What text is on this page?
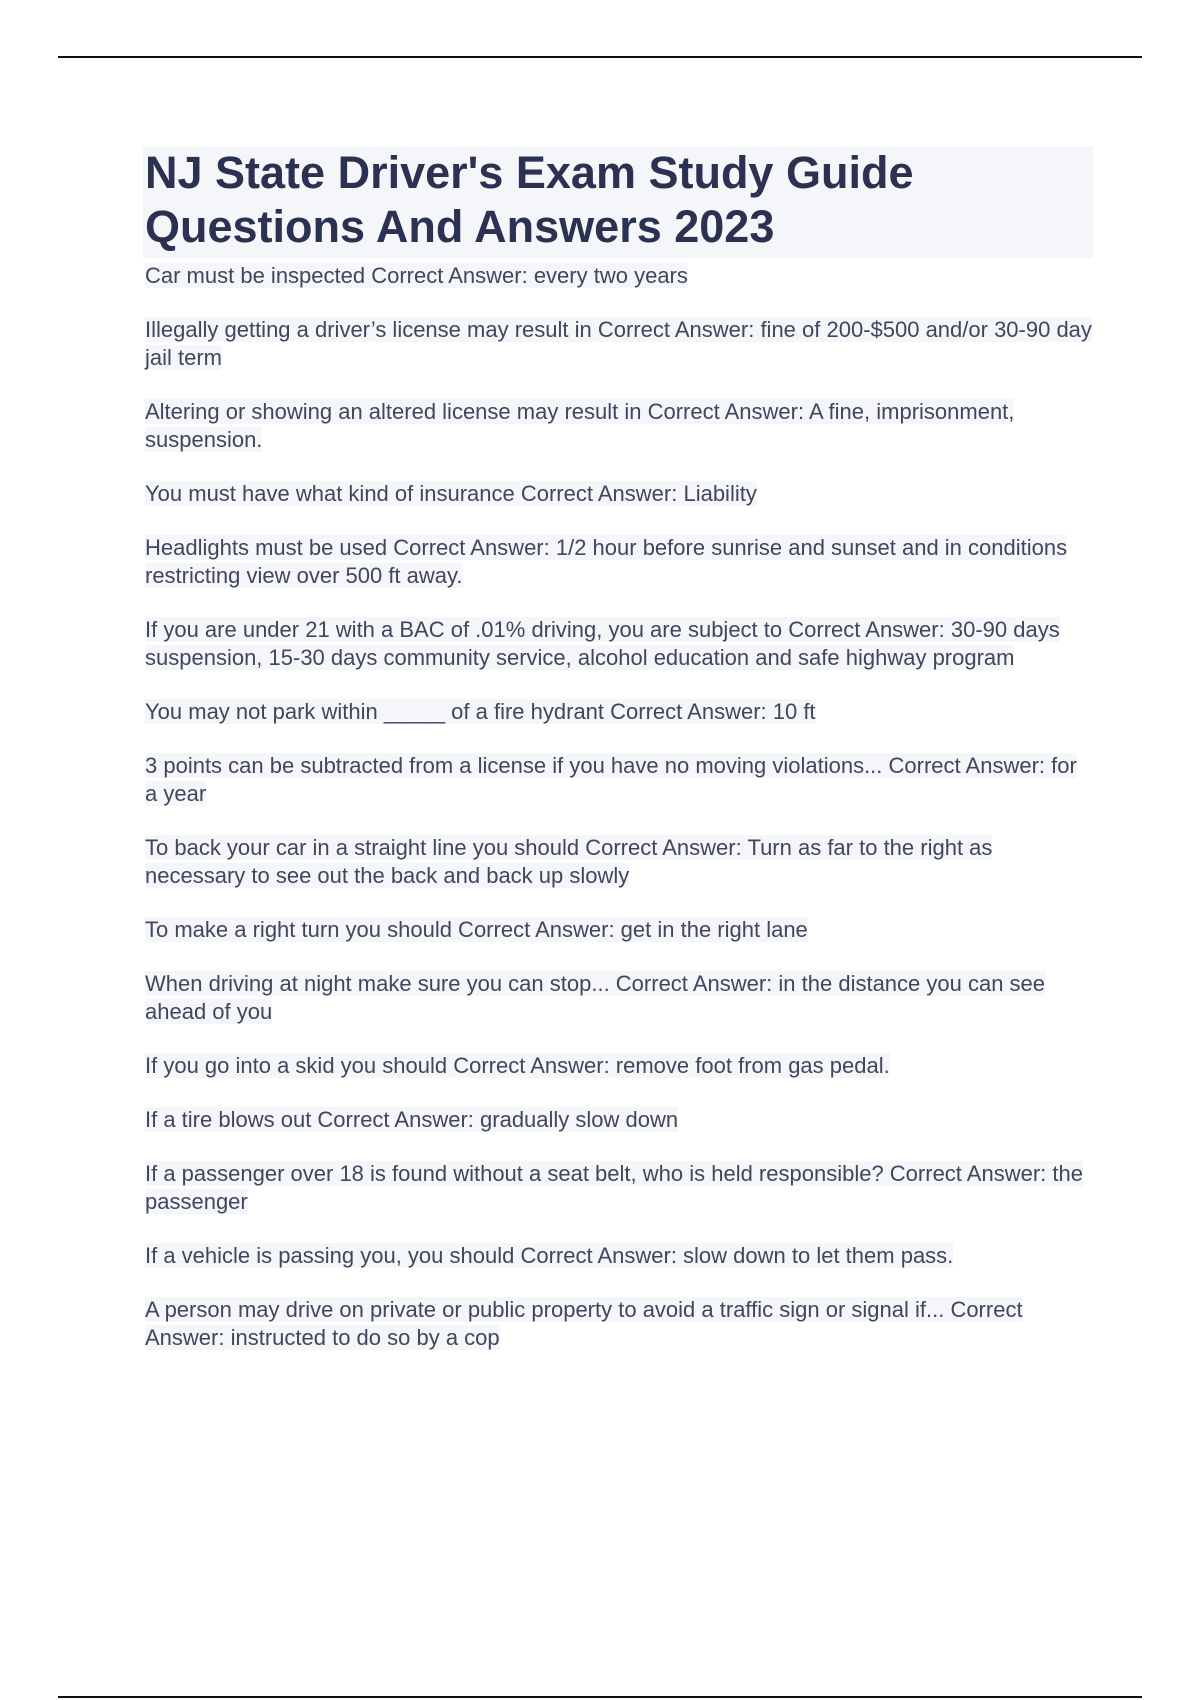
NJ State Driver's Exam Study Guide
Questions And Answers 2023

Car must be inspected Correct Answer: every two years

Illegally getting a driver’s license may result in Correct Answer: fine of 200-$500 and/or 30-90 day jail term

Altering or showing an altered license may result in Correct Answer: A fine, imprisonment, suspension.

You must have what kind of insurance Correct Answer: Liability

Headlights must be used Correct Answer: 1/2 hour before sunrise and sunset and in conditions restricting view over 500 ft away.

If you are under 21 with a BAC of .01% driving, you are subject to Correct Answer: 30-90 days suspension, 15-30 days community service, alcohol education and safe highway program

You may not park within _____ of a fire hydrant Correct Answer: 10 ft

3 points can be subtracted from a license if you have no moving violations... Correct Answer: for a year

To back your car in a straight line you should Correct Answer: Turn as far to the right as necessary to see out the back and back up slowly

To make a right turn you should Correct Answer: get in the right lane

When driving at night make sure you can stop... Correct Answer: in the distance you can see ahead of you

If you go into a skid you should Correct Answer: remove foot from gas pedal.

If a tire blows out Correct Answer: gradually slow down

If a passenger over 18 is found without a seat belt, who is held responsible? Correct Answer: the passenger

If a vehicle is passing you, you should Correct Answer: slow down to let them pass.

A person may drive on private or public property to avoid a traffic sign or signal if... Correct Answer: instructed to do so by a cop
